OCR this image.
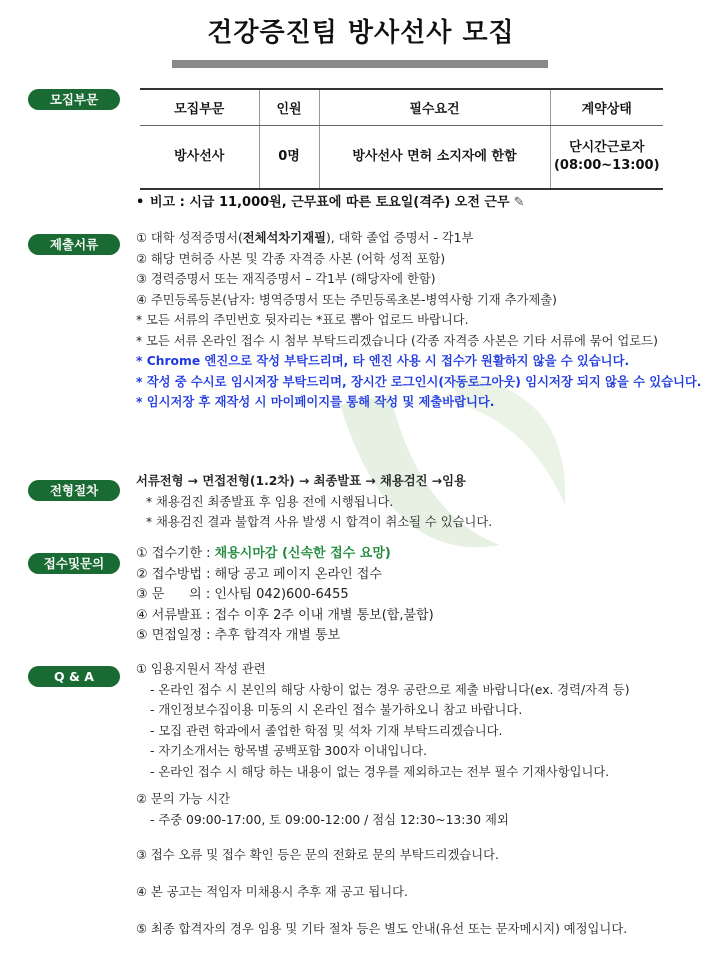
건강증진팀 방사선사 모집
모집부문
제출서류
전형절차
접수및문의
Q & A
모집부문	인원	필수요건	계약상태
방사선사	0명	방사선사 면허 소지자에 한함	단시간근로자
(08:00~13:00)
• 비고 : 시급 11,000원, 근무표에 따른 토요일(격주) 오전 근무 ✎
① 대학 성적증명서(전체석차기재필), 대학 졸업 증명서 - 각1부
② 해당 면허증 사본 및 각종 자격증 사본 (어학 성적 포함)
③ 경력증명서 또는 재직증명서 – 각1부 (해당자에 한함)
④ 주민등록등본(남자: 병역증명서 또는 주민등록초본-병역사항 기재 추가제출)
* 모든 서류의 주민번호 뒷자리는 *표로 뽑아 업로드 바랍니다.
* 모든 서류 온라인 접수 시 첨부 부탁드리겠습니다 (각종 자격증 사본은 기타 서류에 묶어 업로드)
* Chrome 엔진으로 작성 부탁드리며, 타 엔진 사용 시 접수가 원활하지 않을 수 있습니다.
* 작성 중 수시로 임시저장 부탁드리며, 장시간 로그인시(자동로그아웃) 임시저장 되지 않을 수 있습니다.
* 임시저장 후 재작성 시 마이페이지를 통해 작성 및 제출바랍니다.
서류전형 → 면접전형(1.2차) → 최종발표 → 채용검진 →임용
* 채용검진 최종발표 후 임용 전에 시행됩니다.
* 채용검진 결과 불합격 사유 발생 시 합격이 취소될 수 있습니다.
① 접수기한 : 채용시마감 (신속한 접수 요망)
② 접수방법 : 해당 공고 페이지 온라인 접수
③ 문      의 : 인사팀 042)600-6455
④ 서류발표 : 접수 이후 2주 이내 개별 통보(합,불합)
⑤ 면접일정 : 추후 합격자 개별 통보
① 임용지원서 작성 관련
- 온라인 접수 시 본인의 해당 사항이 없는 경우 공란으로 제출 바랍니다(ex. 경력/자격 등)
- 개인정보수집이용 미동의 시 온라인 접수 불가하오니 참고 바랍니다.
- 모집 관련 학과에서 졸업한 학점 및 석차 기재 부탁드리겠습니다.
- 자기소개서는 항목별 공백포함 300자 이내입니다.
- 온라인 접수 시 해당 하는 내용이 없는 경우를 제외하고는 전부 필수 기재사항입니다.
② 문의 가능 시간
- 주중 09:00-17:00, 토 09:00-12:00 / 점심 12:30~13:30 제외
③ 접수 오류 및 접수 확인 등은 문의 전화로 문의 부탁드리겠습니다.
④ 본 공고는 적임자 미채용시 추후 재 공고 됩니다.
⑤ 최종 합격자의 경우 임용 및 기타 절차 등은 별도 안내(유선 또는 문자메시지) 예정입니다.
